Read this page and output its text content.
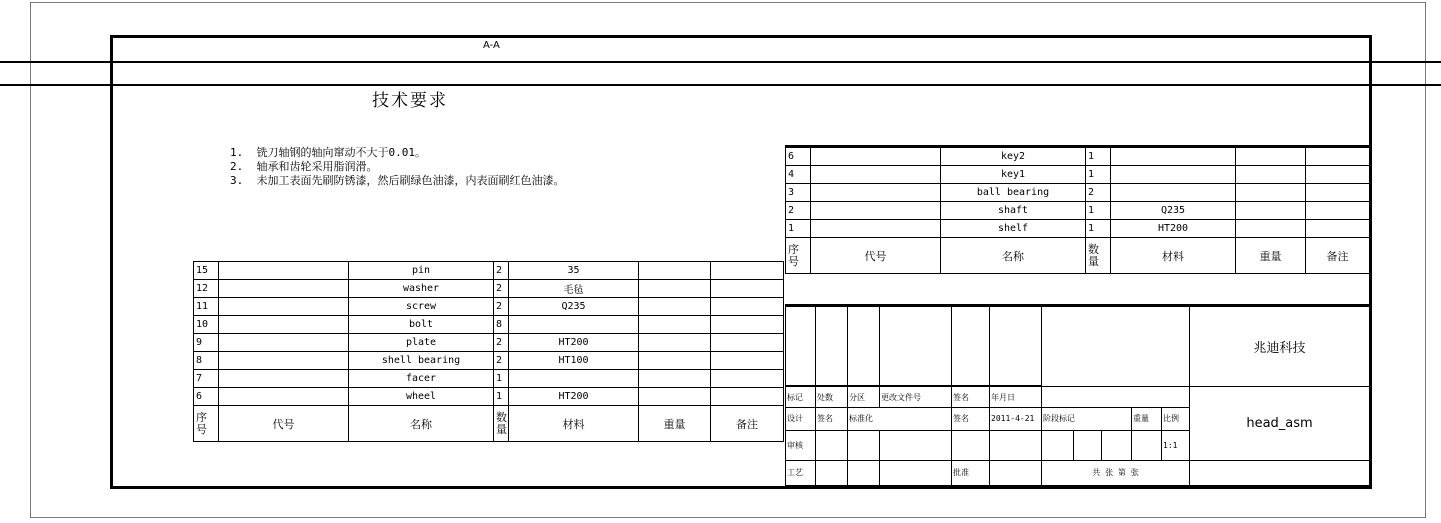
A-A
技术要求
1.  铣刀轴钢的轴向窜动不大于0.01。
2.  轴承和齿轮采用脂润滑。
3.  未加工表面先刷防锈漆，然后刷绿色油漆，内表面刷红色油漆。
15		pin	2	35		
12		washer	2	毛毡		
11		screw	2	Q235		
10		bolt	8			
9		plate	2	HT200		
8		shell bearing	2	HT100		
7		facer	1			
6		wheel	1	HT200		
序号	代号	名称	数量	材料	重量	备注
6		key2	1			
4		key1	1			
3		ball bearing	2			
2		shaft	1	Q235		
1		shelf	1	HT200		
序号	代号	名称	数量	材料	重量	备注
											兆迪科技

标记	处数	分区	更改文件号	签名	年月日						head_asm
设计	签名	标准化		签名	2011-4-21	阶段标记			重量	比例	
审核										1:1	
工艺				批准		共 张 第 张					
